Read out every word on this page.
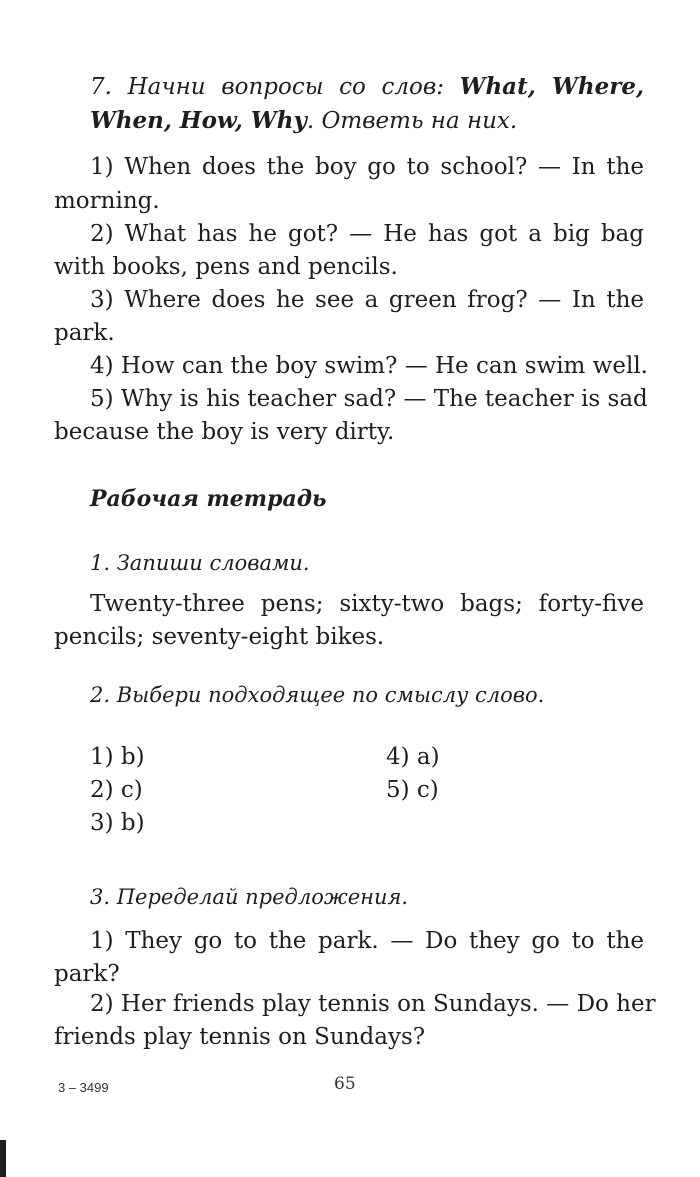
7. Начни вопросы со слов: What, Where,
When, How, Why. Ответь на них.
1) When does the boy go to school? — In the
morning.
2) What has he got? — He has got a big bag
with books, pens and pencils.
3) Where does he see a green frog? — In the
park.
4) How can the boy swim? — He can swim well.
5) Why is his teacher sad? — The teacher is sad
because the boy is very dirty.
Рабочая тетрадь
1. Запиши словами.
Twenty-three pens; sixty-two bags; forty-five
pencils; seventy-eight bikes.
2. Выбери подходящее по смыслу слово.
1) b)
2) c)
3) b)
4) a)
5) c)
3. Переделай предложения.
1) They go to the park. — Do they go to the
park?
2) Her friends play tennis on Sundays. — Do her
friends play tennis on Sundays?
3 – 3499	65
